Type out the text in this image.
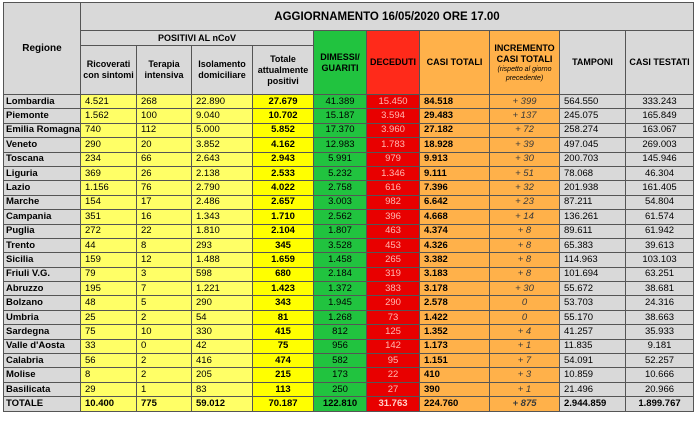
Regione	AGGIORNAMENTO 16/05/2020 ORE 17.00									
	POSITIVI AL nCoV				DIMESSI/ GUARITI	DECEDUTI	CASI TOTALI	INCREMENTO CASI TOTALI
(rispetto al giorno precedente)	TAMPONI	CASI TESTATI
	Ricoverati con sintomi	Terapia intensiva	Isolamento domiciliare	Totale attualmente positivi						
Lombardia	4.521	268	22.890	27.679	41.389	15.450	84.518	+ 399	564.550	333.243
Piemonte	1.562	100	9.040	10.702	15.187	3.594	29.483	+ 137	245.075	165.849
Emilia Romagna	740	112	5.000	5.852	17.370	3.960	27.182	+ 72	258.274	163.067
Veneto	290	20	3.852	4.162	12.983	1.783	18.928	+ 39	497.045	269.003
Toscana	234	66	2.643	2.943	5.991	979	9.913	+ 30	200.703	145.946
Liguria	369	26	2.138	2.533	5.232	1.346	9.111	+ 51	78.068	46.304
Lazio	1.156	76	2.790	4.022	2.758	616	7.396	+ 32	201.938	161.405
Marche	154	17	2.486	2.657	3.003	982	6.642	+ 23	87.211	54.804
Campania	351	16	1.343	1.710	2.562	396	4.668	+ 14	136.261	61.574
Puglia	272	22	1.810	2.104	1.807	463	4.374	+ 8	89.611	61.942
Trento	44	8	293	345	3.528	453	4.326	+ 8	65.383	39.613
Sicilia	159	12	1.488	1.659	1.458	265	3.382	+ 8	114.963	103.103
Friuli V.G.	79	3	598	680	2.184	319	3.183	+ 8	101.694	63.251
Abruzzo	195	7	1.221	1.423	1.372	383	3.178	+ 30	55.672	38.681
Bolzano	48	5	290	343	1.945	290	2.578	0	53.703	24.316
Umbria	25	2	54	81	1.268	73	1.422	0	55.170	38.663
Sardegna	75	10	330	415	812	125	1.352	+ 4	41.257	35.933
Valle d'Aosta	33	0	42	75	956	142	1.173	+ 1	11.835	9.181
Calabria	56	2	416	474	582	95	1.151	+ 7	54.091	52.257
Molise	8	2	205	215	173	22	410	+ 3	10.859	10.666
Basilicata	29	1	83	113	250	27	390	+ 1	21.496	20.966
TOTALE	10.400	775	59.012	70.187	122.810	31.763	224.760	+ 875	2.944.859	1.899.767
